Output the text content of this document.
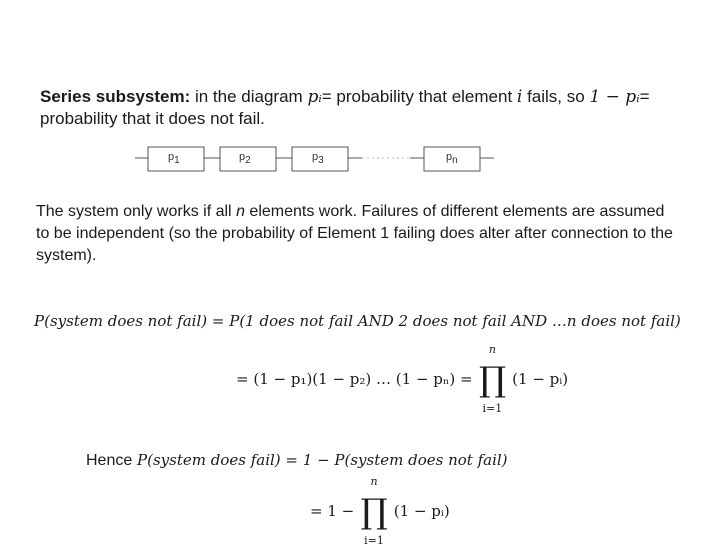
Series subsystem: in the diagram pᵢ= probability that element i fails, so 1 − pᵢ= probability that it does not fail.
$p_1$	$p_2$	$p_3$	$p_n$
The system only works if all n elements work. Failures of different elements are assumed to be independent (so the probability of Element 1 failing does alter after connection to the system).
P(system does not fail) = P(1 does not fail AND 2 does not fail AND …n does not fail)
= (1 − p₁)(1 − p₂) … (1 − pₙ) =
n
∏
i=1
(1 − pᵢ)
Hence P(system does fail) = 1 − P(system does not fail)
= 1 −
n
∏
i=1
(1 − pᵢ)
